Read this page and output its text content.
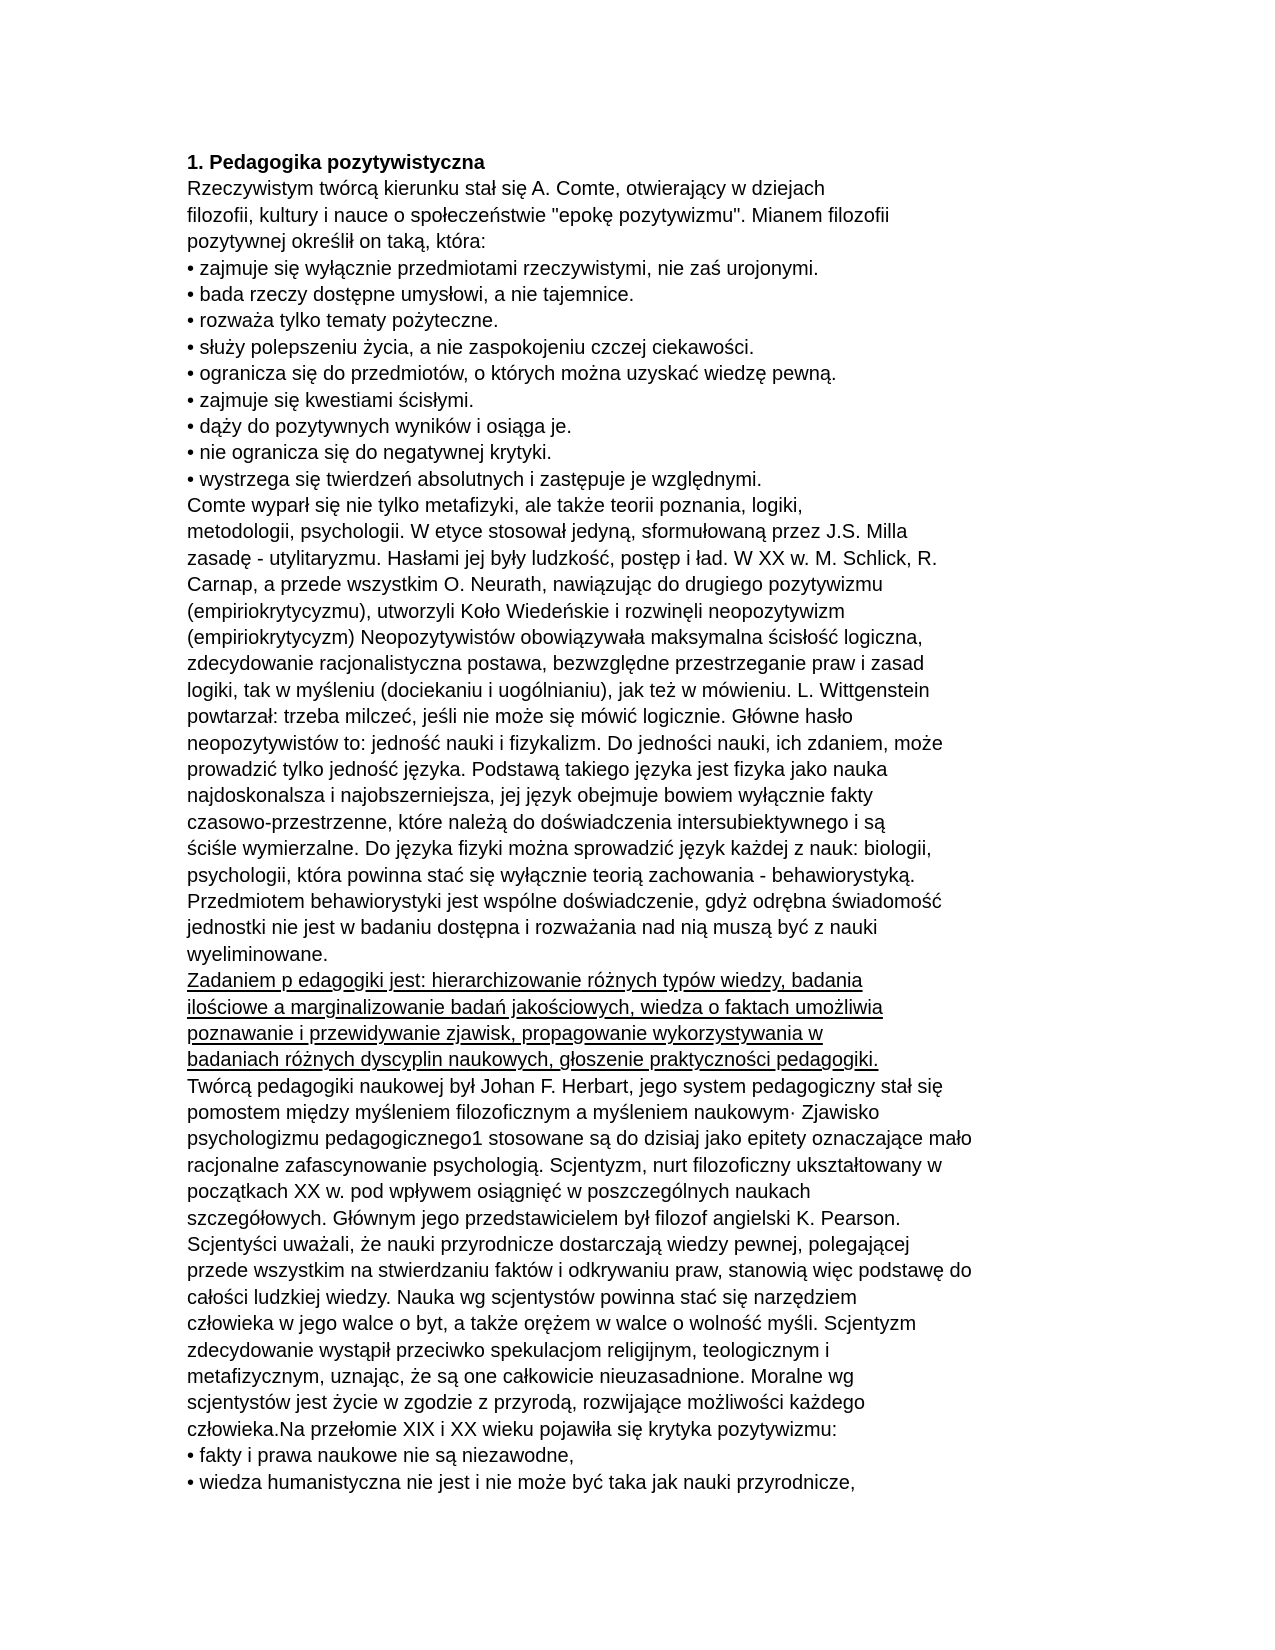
1. Pedagogika pozytywistyczna
Rzeczywistym twórcą kierunku stał się A. Comte, otwierający w dziejach
filozofii, kultury i nauce o społeczeństwie "epokę pozytywizmu". Mianem filozofii
pozytywnej określił on taką, która:
• zajmuje się wyłącznie przedmiotami rzeczywistymi, nie zaś urojonymi.
• bada rzeczy dostępne umysłowi, a nie tajemnice.
• rozważa tylko tematy pożyteczne.
• służy polepszeniu życia, a nie zaspokojeniu czczej ciekawości.
• ogranicza się do przedmiotów, o których można uzyskać wiedzę pewną.
• zajmuje się kwestiami ścisłymi.
• dąży do pozytywnych wyników i osiąga je.
• nie ogranicza się do negatywnej krytyki.
• wystrzega się twierdzeń absolutnych i zastępuje je względnymi.
Comte wyparł się nie tylko metafizyki, ale także teorii poznania, logiki,
metodologii, psychologii. W etyce stosował jedyną, sformułowaną przez J.S. Milla
zasadę - utylitaryzmu. Hasłami jej były ludzkość, postęp i ład. W XX w. M. Schlick, R.
Carnap, a przede wszystkim O. Neurath, nawiązując do drugiego pozytywizmu
(empiriokrytycyzmu), utworzyli Koło Wiedeńskie i rozwinęli neopozytywizm
(empiriokrytycyzm) Neopozytywistów obowiązywała maksymalna ścisłość logiczna,
zdecydowanie racjonalistyczna postawa, bezwzględne przestrzeganie praw i zasad
logiki, tak w myśleniu (dociekaniu i uogólnianiu), jak też w mówieniu. L. Wittgenstein
powtarzał: trzeba milczeć, jeśli nie może się mówić logicznie. Główne hasło
neopozytywistów to: jedność nauki i fizykalizm. Do jedności nauki, ich zdaniem, może
prowadzić tylko jedność języka. Podstawą takiego języka jest fizyka jako nauka
najdoskonalsza i najobszerniejsza, jej język obejmuje bowiem wyłącznie fakty
czasowo-przestrzenne, które należą do doświadczenia intersubiektywnego i są
ściśle wymierzalne. Do języka fizyki można sprowadzić język każdej z nauk: biologii,
psychologii, która powinna stać się wyłącznie teorią zachowania - behawiorystyką.
Przedmiotem behawiorystyki jest wspólne doświadczenie, gdyż odrębna świadomość
jednostki nie jest w badaniu dostępna i rozważania nad nią muszą być z nauki
wyeliminowane.
Zadaniem p edagogiki jest: hierarchizowanie różnych typów wiedzy, badania
ilościowe a marginalizowanie badań jakościowych, wiedza o faktach umożliwia
poznawanie i przewidywanie zjawisk, propagowanie wykorzystywania w
badaniach różnych dyscyplin naukowych, głoszenie praktyczności pedagogiki.
Twórcą pedagogiki naukowej był Johan F. Herbart, jego system pedagogiczny stał się
pomostem między myśleniem filozoficznym a myśleniem naukowym· Zjawisko
psychologizmu pedagogicznego1 stosowane są do dzisiaj jako epitety oznaczające mało
racjonalne zafascynowanie psychologią. Scjentyzm, nurt filozoficzny ukształtowany w
początkach XX w. pod wpływem osiągnięć w poszczególnych naukach
szczegółowych. Głównym jego przedstawicielem był filozof angielski K. Pearson.
Scjentyści uważali, że nauki przyrodnicze dostarczają wiedzy pewnej, polegającej
przede wszystkim na stwierdzaniu faktów i odkrywaniu praw, stanowią więc podstawę do
całości ludzkiej wiedzy. Nauka wg scjentystów powinna stać się narzędziem
człowieka w jego walce o byt, a także orężem w walce o wolność myśli. Scjentyzm
zdecydowanie wystąpił przeciwko spekulacjom religijnym, teologicznym i
metafizycznym, uznając, że są one całkowicie nieuzasadnione. Moralne wg
scjentystów jest życie w zgodzie z przyrodą, rozwijające możliwości każdego
człowieka.Na przełomie XIX i XX wieku pojawiła się krytyka pozytywizmu:
• fakty i prawa naukowe nie są niezawodne,
• wiedza humanistyczna nie jest i nie może być taka jak nauki przyrodnicze,
